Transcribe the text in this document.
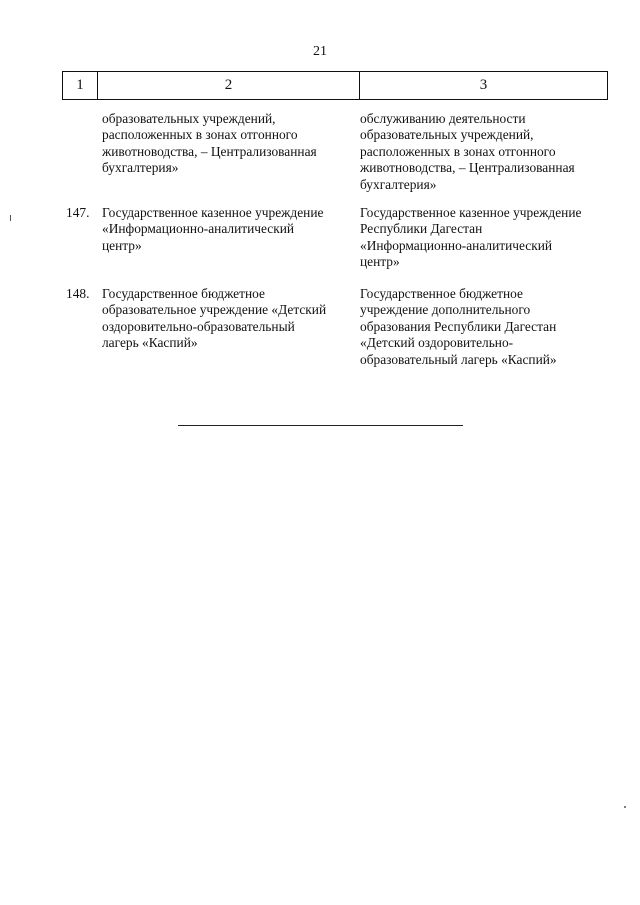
21
1	2	3
образовательных учреждений,
расположенных в зонах отгонного
животноводства, – Централизованная
бухгалтерия»
обслуживанию деятельности
образовательных учреждений,
расположенных в зонах отгонного
животноводства, – Централизованная
бухгалтерия»
147. Государственное казенное учреждение
«Информационно-аналитический
центр»
Государственное казенное учреждение
Республики Дагестан
«Информационно-аналитический
центр»
148. Государственное бюджетное
образовательное учреждение «Детский
оздоровительно-образовательный
лагерь «Каспий»
Государственное бюджетное
учреждение дополнительного
образования Республики Дагестан
«Детский оздоровительно-
образовательный лагерь «Каспий»
